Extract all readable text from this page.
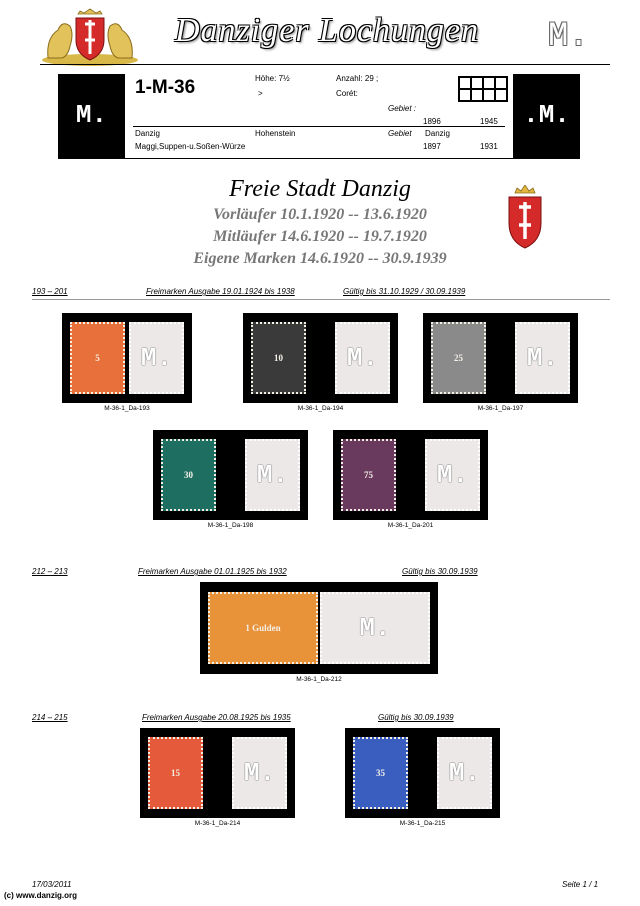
Danziger Lochungen M.
M.	.M.
1-M-36	Höhe: 7½	Anzahl: 29 ;
>	Corét:
Gebiet :
1896	1945
Danzig	Hohenstein	Gebiet Danzig
Maggi,Suppen-u.Soßen-Würze	1897	1931
Freie Stadt Danzig
Vorläufer 10.1.1920 -- 13.6.1920
Mitläufer 14.6.1920 -- 19.7.1920
Eigene Marken 14.6.1920 -- 30.9.1939
193 – 201	Freimarken Ausgabe 19.01.1924 bis 1938	Gültig bis 31.10.1929 / 30.09.1939
5 M.
M-36-1_Da-193
10 M.
M-36-1_Da-194
25 M.
M-36-1_Da-197
30 M.
M-36-1_Da-198
75 M.
M-36-1_Da-201
1 Gulden	M.
M-36-1_Da-212
15 M.
M-36-1_Da-214
35 M.
M-36-1_Da-215
212 – 213	Freimarken Ausgabe 01.01.1925 bis 1932	Gültig bis 30.09.1939
214 – 215	Freimarken Ausgabe 20.08.1925 bis 1935	Gültig bis 30.09.1939
17/03/2011
(c) www.danzig.org
Seite 1 / 1
